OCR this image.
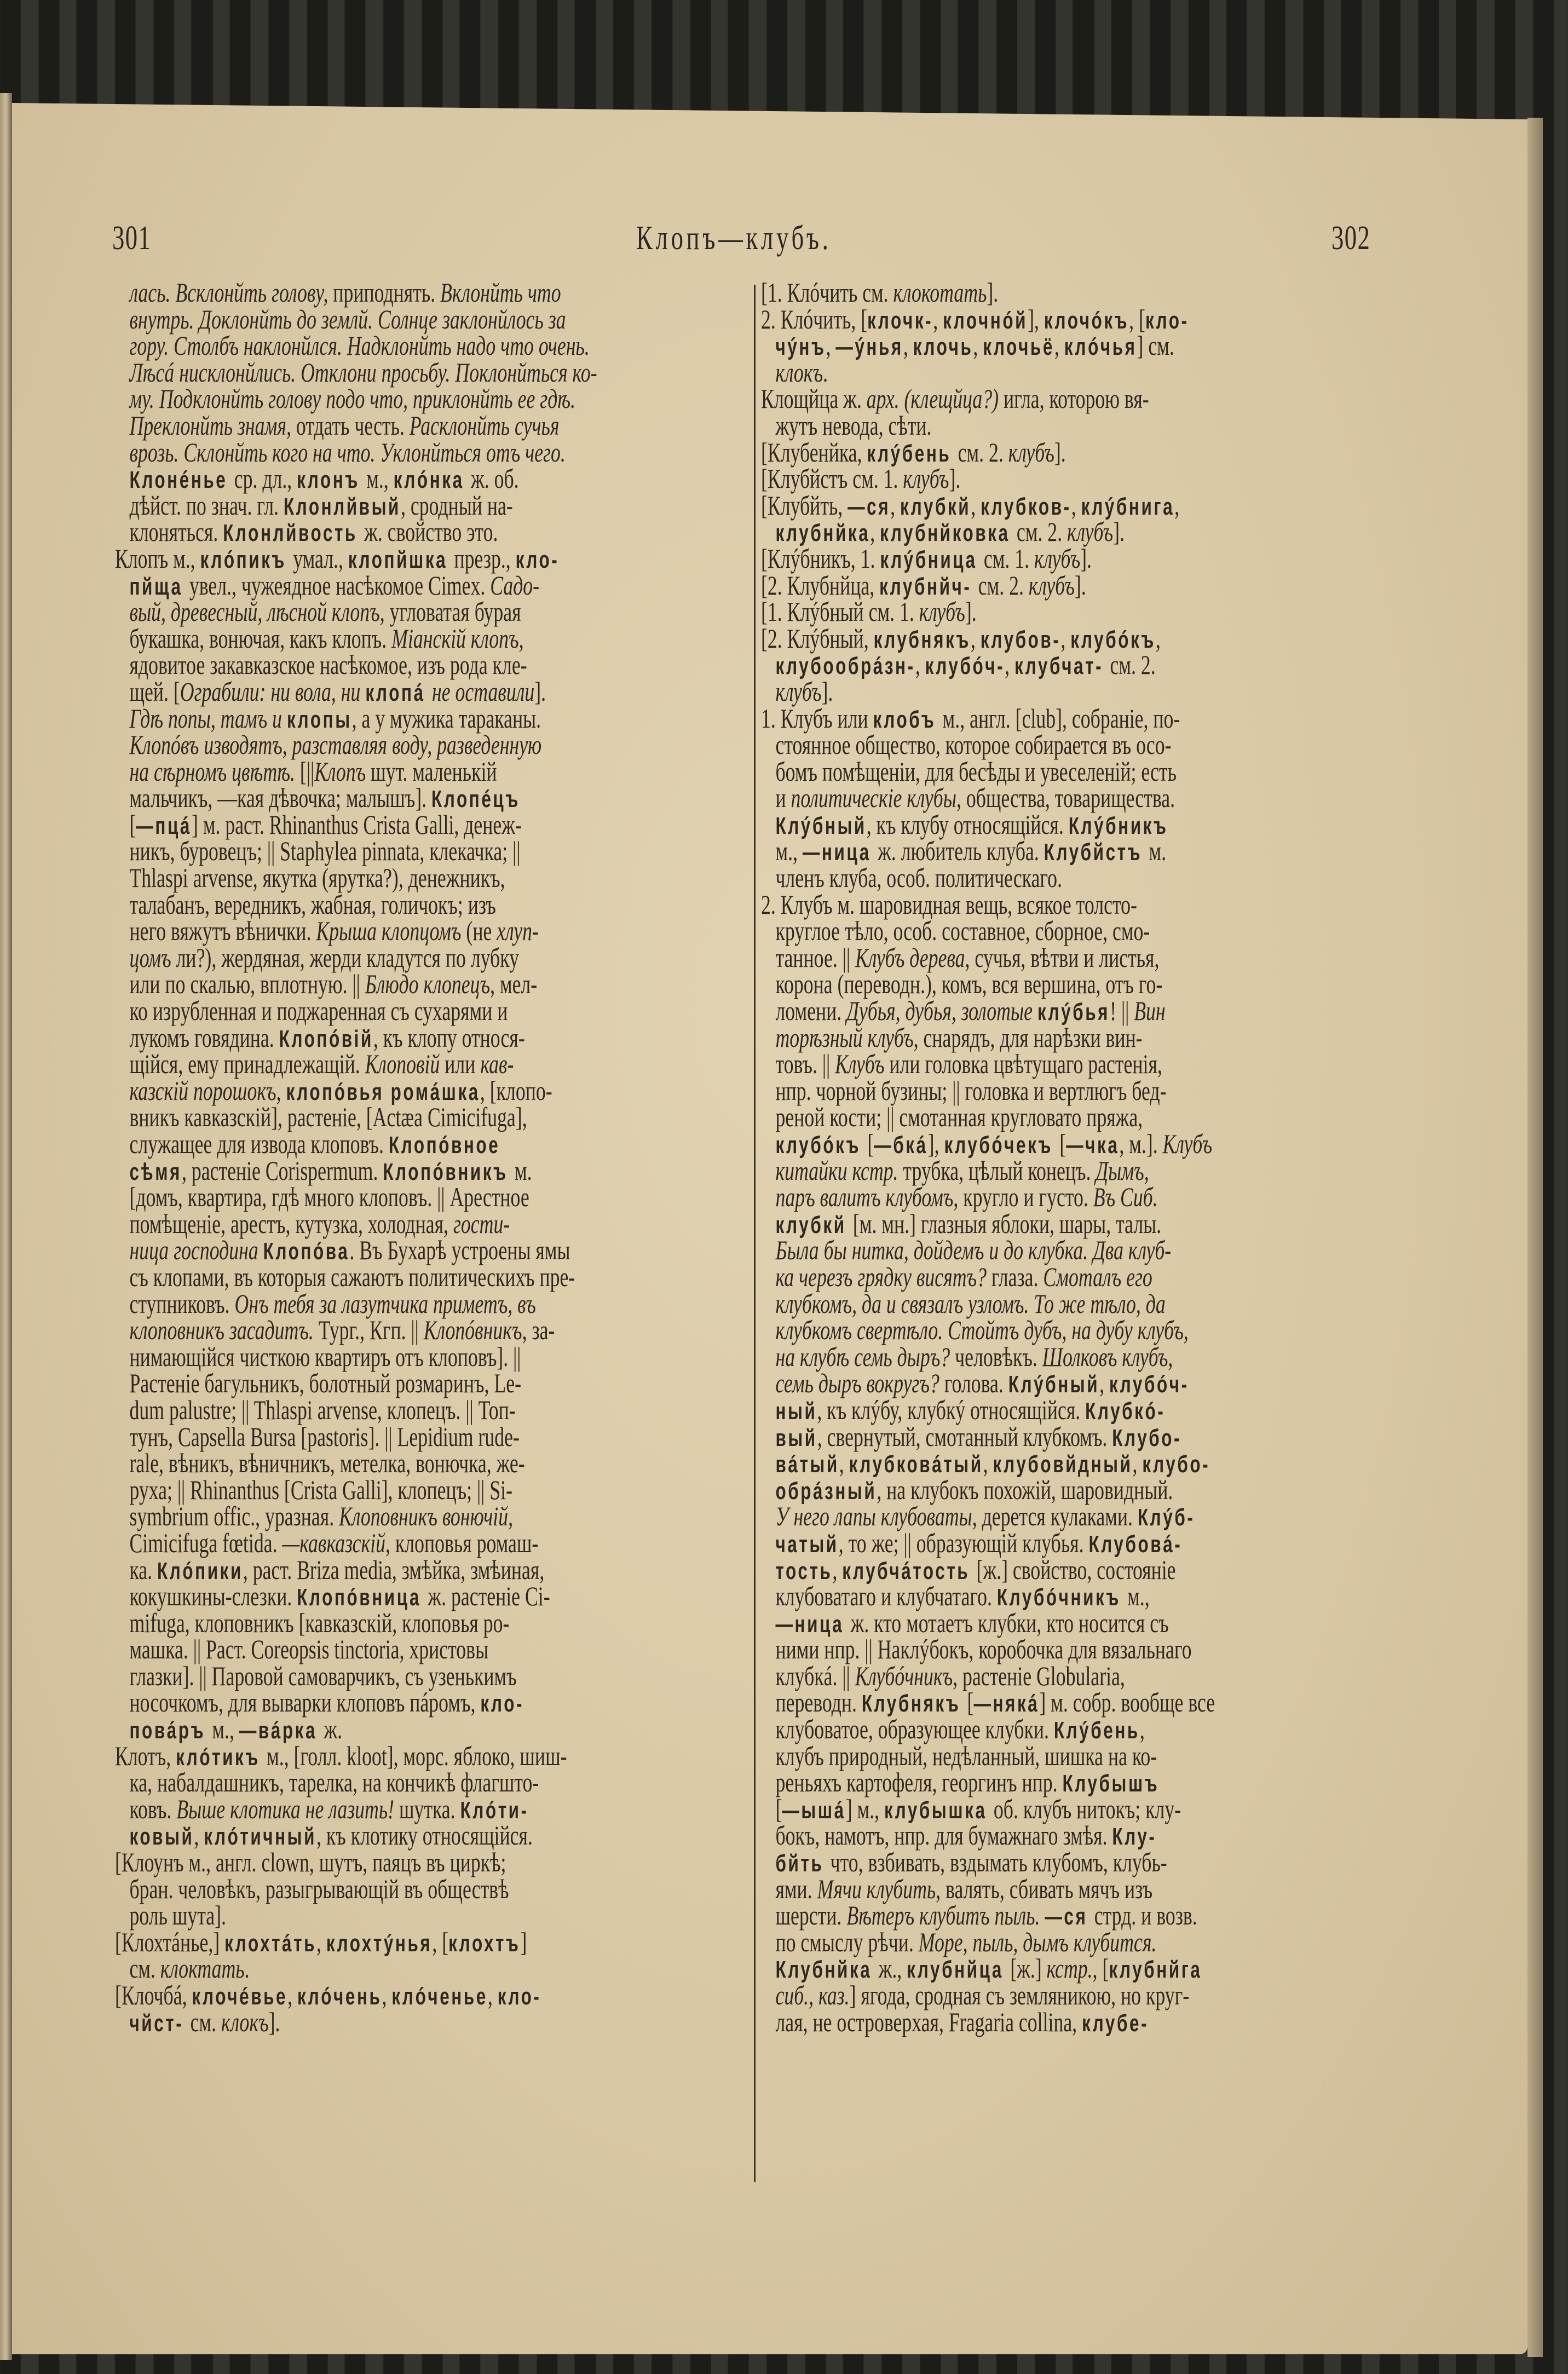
301	Клопъ—клубъ.	302
лась. Всклонйть голову, приподнять. Вклонйть что
внутрь. Доклонйть до землй. Солнце заклонйлось за
гору. Столбъ наклонйлся. Надклонйть надо что очень.
Лѣсá нисклонйлись. Отклони просьбу. Поклонйться ко-
му. Подклонйть голову подо что, приклонйть ее гдѣ.
Преклонйть знамя, отдать честь. Расклонйть сучья
врозь. Склонйть кого на что. Уклонйться отъ чего.
Клонéнье ср. дл., клонъ м., клóнка ж. об.
дѣйст. по знач. гл. Клонлйвый, сродный на-
клоняться. Клонлйвость ж. свойство это.
Клопъ м., клóпикъ умал., клопйшка презр., кло-
пйща увел., чужеядное насѣкомое Cimex. Садо-
вый, древесный, лѣсной клопъ, угловатая бурая
букашка, вонючая, какъ клопъ. Міанскій клопъ,
ядовитое закавказское насѣкомое, изъ рода кле-
щей. [Ограбили: ни вола, ни клопá не оставили].
Гдѣ попы, тамъ и клопы, а у мужика тараканы.
Клопóвъ изводятъ, разставляя воду, разведенную
на сѣрномъ цвѣтѣ. [||Клопъ шут. маленькій
мальчикъ, —кая дѣвочка; малышъ]. Клопéцъ
[—пцá] м. раст. Rhinanthus Crista Galli, денеж-
никъ, буровецъ; || Staphylea pinnata, клекачка; ||
Thlaspi arvense, якутка (ярутка?), денежникъ,
талабанъ, вередникъ, жабная, голичокъ; изъ
него вяжутъ вѣнички. Крыша клопцомъ (не хлуп-
цомъ ли?), жердяная, жерди кладутся по лубку
или по скалью, вплотную. || Блюдо клопецъ, мел-
ко изрубленная и поджаренная съ сухарями и
лукомъ говядина. Клопóвій, къ клопу относя-
щійся, ему принадлежащій. Клоповій или кав-
казскій порошокъ, клопóвья ромáшка, [клопо-
вникъ кавказскій], растеніе, [Actæa Cimicifuga],
служащее для извода клоповъ. Клопóвное
сѣмя, растеніе Corispermum. Клопóвникъ м.
[домъ, квартира, гдѣ много клоповъ. || Арестное
помѣщеніе, арестъ, кутузка, холодная, гости-
ница господина Клопóва. Въ Бухарѣ устроены ямы
съ клопами, въ которыя сажаютъ политическихъ пре-
ступниковъ. Онъ тебя за лазутчика приметъ, въ
клоповникъ засадитъ. Тург., Кгп. || Клопóвникъ, за-
нимающійся чисткою квартиръ отъ клоповъ]. ||
Растеніе багульникъ, болотный розмаринъ, Le-
dum palustre; || Thlaspi arvense, клопецъ. || Топ-
тунъ, Capsella Bursa [pastoris]. || Lepidium rude-
rale, вѣникъ, вѣничникъ, метелка, вонючка, же-
руха; || Rhinanthus [Crista Galli], клопецъ; || Si-
symbrium offic., уразная. Клоповникъ вонючій,
Cimicifuga fœtida. —кавказскій, клоповья ромаш-
ка. Клóпики, раст. Briza media, змѣйка, змѣиная,
кокушкины-слезки. Клопóвница ж. растеніе Ci-
mifuga, клоповникъ [кавказскій, клоповья ро-
машка. || Раст. Coreopsis tinctoria, христовы
глазки]. || Паровой самоварчикъ, съ узенькимъ
носочкомъ, для выварки клоповъ пáромъ, кло-
повáръ м., —вáрка ж.
Клотъ, клóтикъ м., [голл. kloot], морс. яблоко, шиш-
ка, набалдашникъ, тарелка, на кончикѣ флагшто-
ковъ. Выше клотика не лазить! шутка. Клóти-
ковый, клóтичный, къ клотику относящійся.
[Клоунъ м., англ. clown, шутъ, паяцъ въ циркѣ;
бран. человѣкъ, разыгрывающій въ обществѣ
роль шута].
[Клохтáнье,] клохтáть, клохтýнья, [клохтъ]
см. клоктать.
[Клочбá, клочéвье, клóчень, клóченье, кло-
чйст- см. клокъ].
[1. Клóчить см. клокотать].
2. Клóчить, [клочк-, клочнóй], клочóкъ, [кло-
чýнъ, —ýнья, клочь, клочьё, клóчья] см.
клокъ.
Клощйца ж. арх. (клещйца?) игла, которою вя-
жутъ невода, сѣти.
[Клубенйка, клýбень см. 2. клубъ].
[Клубйстъ см. 1. клубъ].
[Клубйть, —ся, клубкй, клубков-, клýбнига,
клубнйка, клубнйковка см. 2. клубъ].
[Клýбникъ, 1. клýбница см. 1. клубъ].
[2. Клубнйца, клубнйч- см. 2. клубъ].
[1. Клýбный см. 1. клубъ].
[2. Клýбный, клубнякъ, клубов-, клубóкъ,
клубообрáзн-, клубóч-, клубчат- см. 2.
клубъ].
1. Клубъ или клобъ м., англ. [club], собраніе, по-
стоянное общество, которое собирается въ осо-
бомъ помѣщеніи, для бесѣды и увеселеній; есть
и политическіе клубы, общества, товарищества.
Клýбный, къ клубу относящійся. Клýбникъ
м., —ница ж. любитель клуба. Клубйстъ м.
членъ клуба, особ. политическаго.
2. Клубъ м. шаровидная вещь, всякое толсто-
круглое тѣло, особ. составное, сборное, смо-
танное. || Клубъ дерева, сучья, вѣтви и листья,
корона (переводн.), комъ, вся вершина, отъ го-
ломени. Дубья, дубья, золотые клýбья! || Вин
торѣзный клубъ, снарядъ, для нарѣзки вин-
товъ. || Клубъ или головка цвѣтущаго растенія,
нпр. чорной бузины; || головка и вертлюгъ бед-
реной кости; || смотанная кругловато пряжа,
клубóкъ [—бкá], клубóчекъ [—чка, м.]. Клубъ
китайки кстр. трубка, цѣлый конецъ. Дымъ,
паръ валитъ клубомъ, кругло и густо. Въ Сиб.
клубкй [м. мн.] глазныя яблоки, шары, талы.
Была бы нитка, дойдемъ и до клубка. Два клуб-
ка черезъ грядку висятъ? глаза. Смоталъ его
клубкомъ, да и связалъ узломъ. То же тѣло, да
клубкомъ свертѣло. Стойтъ дубъ, на дубу клубъ,
на клубѣ семь дыръ? человѣкъ. Шолковъ клубъ,
семь дыръ вокругъ? голова. Клýбный, клубóч-
ный, къ клýбу, клубкý относящійся. Клубкó-
вый, свернутый, смотанный клубкомъ. Клубо-
вáтый, клубковáтый, клубовйдный, клубо-
обрáзный, на клубокъ похожій, шаровидный.
У него лапы клубоваты, дерется кулаками. Клýб-
чатый, то же; || образующій клубья. Клубовá-
тость, клубчáтость [ж.] свойство, состояніе
клубоватаго и клубчатаго. Клубóчникъ м.,
—ница ж. кто мотаетъ клубки, кто носится съ
ними нпр. || Наклýбокъ, коробочка для вязальнаго
клубкá. || Клубóчникъ, растеніе Globularia,
переводн. Клубнякъ [—някá] м. собр. вообще все
клубоватое, образующее клубки. Клýбень,
клубъ природный, недѣланный, шишка на ко-
реньяхъ картофеля, георгинъ нпр. Клубышъ
[—ышá] м., клубышка об. клубъ нитокъ; клу-
бокъ, намотъ, нпр. для бумажнаго змѣя. Клу-
бйть что, взбивать, вздымать клубомъ, клубь-
ями. Мячи клубить, валять, сбивать мячъ изъ
шерсти. Вѣтеръ клубитъ пыль. —ся стрд. и возв.
по смыслу рѣчи. Море, пыль, дымъ клубится.
Клубнйка ж., клубнйца [ж.] кстр., [клубнйга
сиб., каз.] ягода, сродная съ земляникою, но круг-
лая, не островерхая, Fragaria collina, клубе-
